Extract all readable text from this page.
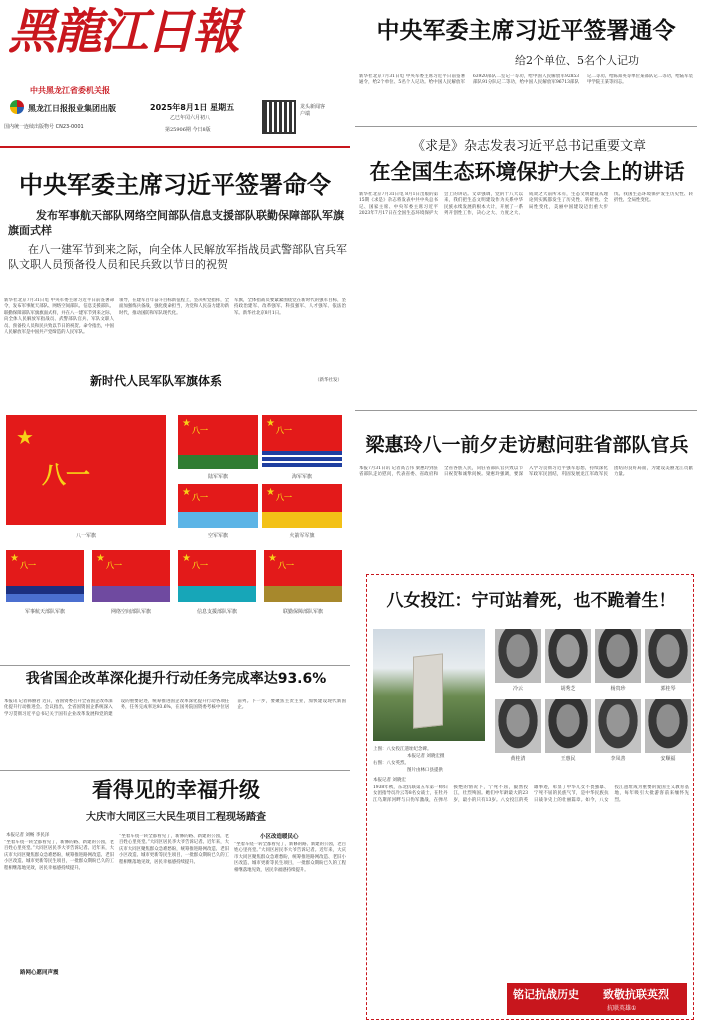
黑龍江日報
中共黑龙江省委机关报
黑龙江日报报业集团出版
国内统一连续出版物号 CN23-0001
2025年8月1日 星期五
乙巳年闰六月初八
第25906期 今日8版
龙头新闻客户端
中央军委主席习近平签署通令
给2个单位、5名个人记功
新华社北京7月31日电 中央军委主席习近平日前签署通令，给2个单位、5名个人记功。给中国人民解放军63920部队二室记一等功，给中国人民解放军92853部队91分队记二等功，给中国人民解放军96713部队记二等功。给陈知英等单位某部队记二等功，给陆军装甲学院王某等同志。
中央军委主席习近平签署命令
发布军事航天部队网络空间部队信息支援部队联勤保障部队军旗旗面式样
在八一建军节到来之际，向全体人民解放军指战员武警部队官兵军队文职人员预备役人员和民兵致以节日的祝贺
新华社北京7月31日电 中央军委主席习近平日前签署命令，发布军事航天部队、网络空间部队、信息支援部队、联勤保障部队军旗旗面式样，并在八一建军节到来之际，向全体人民解放军指战员、武警部队官兵、军队文职人员、预备役人员和民兵致以节日的祝贺。命令指出，中国人民解放军是中国共产党缔造的人民军队。
领导，在建军百年奋斗目标新征程上，坚决听党指挥，全面加强练兵备战，强化使命担当，为党和人民奋力建功新时代，推动国防和军队现代化。
军旗，全体指战员要紧紧围绕党在新时代的强军目标，坚持政治建军、改革强军、科技强军、人才强军、依法治军。新华社北京8月1日。
新时代人民军队军旗体系	（新华社发）
★
八一
八一军旗
★
八一
陆军军旗
★
八一
海军军旗
★ 八一
空军军旗
★ 八一
火箭军军旗
★
八一
军事航天部队军旗
★
八一
网络空间部队军旗
★
八一
信息支援部队军旗
★
八一
联勤保障部队军旗
我省国企改革深化提升行动任务完成率达93.6%
本报讯 记者韩丽君 近日，省国资委召开全省国企改革深化提升行动推进会。会议指出，全省国资国企系统深入学习贯彻习近平总书记关于国有企业改革发展和党的建设的重要论述，统筹推进国企改革深化提升行动各项任务，任务完成率达93.6%，在国务院国资委考核中位居前列。下一步，要聚焦主责主业，加快建设现代新国企。
看得见的幸福升级
大庆市大同区三大民生项目工程现场踏查
本报记者 刘畅 李民泽
“坐着车绕一转全都看见了，新修的路、新建的公园，老百姓心里亮堂。”大同区居民李大爷告诉记者。近年来，大庆市大同区聚焦群众急难愁盼，统筹推进路网改造、老旧小区改造、城市更新等民生项目，一批群众期盼已久的工程相继落地见效，居民幸福感持续提升。
路网心愿同声震
“坐着车绕一转全都看见了，新修的路、新建的公园，老百姓心里亮堂。”大同区居民李大爷告诉记者。近年来，大庆市大同区聚焦群众急难愁盼，统筹推进路网改造、老旧小区改造、城市更新等民生项目，一批群众期盼已久的工程相继落地见效，居民幸福感持续提升。
小区改造暖民心
“坐着车绕一转全都看见了，新修的路、新建的公园，老百姓心里亮堂。”大同区居民李大爷告诉记者。近年来，大庆市大同区聚焦群众急难愁盼，统筹推进路网改造、老旧小区改造、城市更新等民生项目，一批群众期盼已久的工程相继落地见效，居民幸福感持续提升。
《求是》杂志发表习近平总书记重要文章
在全国生态环境保护大会上的讲话
新华社北京7月31日电 8月1日出版的第15期《求是》杂志将发表中共中央总书记、国家主席、中央军委主席习近平2023年7月17日在全国生态环境保护大会上的讲话。文章强调，党的十八大以来，我们把生态文明建设作为关系中华民族永续发展的根本大计，开展了一系列开创性工作，决心之大、力度之大、成效之大前所未有，生态文明建设从理论到实践都发生了历史性、转折性、全局性变化，美丽中国建设迈出重大步伐。我国生态环境保护发生历史性、转折性、全局性变化。
梁惠玲八一前夕走访慰问驻省部队官兵
本报7月31日讯 记者高吉伟 梁惠玲到驻省部队走访慰问，代表省委、省政府和全省各族人民，向驻省部队官兵致以节日祝贺和诚挚问候。梁惠玲强调，要深入学习贯彻习近平强军思想，持续深化军政军民团结，巩固发展龙江军政军民团结的良好局面，为建设美丽龙江贡献力量。
八女投江：宁可站着死，也不跪着生！
上图：八女投江遗址纪念碑。
本报记者 刘晓宏摄
右图：八女英烈。
图片由林口县提供
冷云	胡秀芝	杨贵珍	郭桂琴
黄桂清	王惠民	李凤善	安顺福
本报记者 刘晓宏
1938年秋，东北抗联第五军第一师妇女团指导员冷云等8名女战士，在牡丹江乌斯浑河畔与日伪军激战，在弹尽援绝的情况下，宁死不屈，毅然投江，壮烈殉国。她们中年龄最大的23岁，最小的只有13岁。八女投江的英雄事迹，彰显了中华儿女不畏强暴、宁死不屈的民族气节，是中华民族抗日战争史上的壮丽篇章。如今，八女投江遗址成为重要的爱国主义教育基地，每年吸引大批游客前来缅怀先烈。
铭记抗战历史 致敬抗联英烈
抗联英雄①
